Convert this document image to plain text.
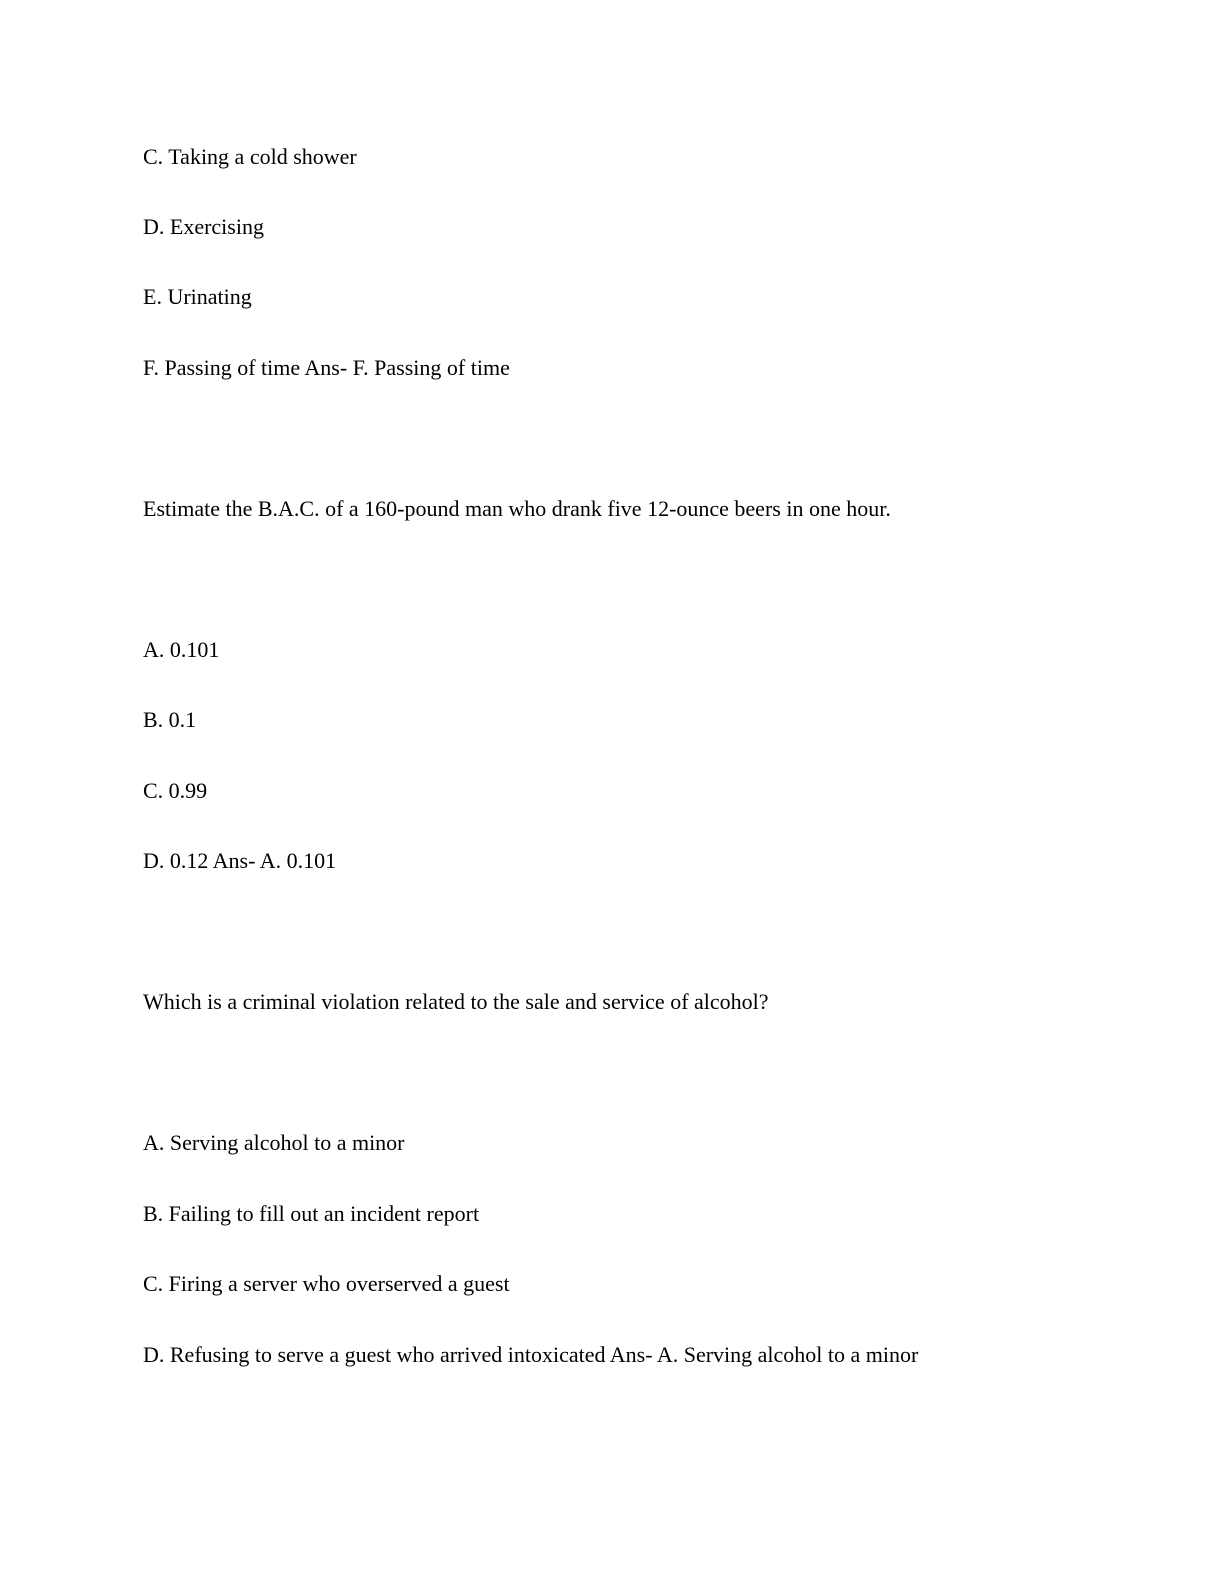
C. Taking a cold shower
D. Exercising
E. Urinating
F. Passing of time Ans- F. Passing of time
Estimate the B.A.C. of a 160-pound man who drank five 12-ounce beers in one hour.
A. 0.101
B. 0.1
C. 0.99
D. 0.12 Ans- A. 0.101
Which is a criminal violation related to the sale and service of alcohol?
A. Serving alcohol to a minor
B. Failing to fill out an incident report
C. Firing a server who overserved a guest
D. Refusing to serve a guest who arrived intoxicated Ans- A. Serving alcohol to a minor
